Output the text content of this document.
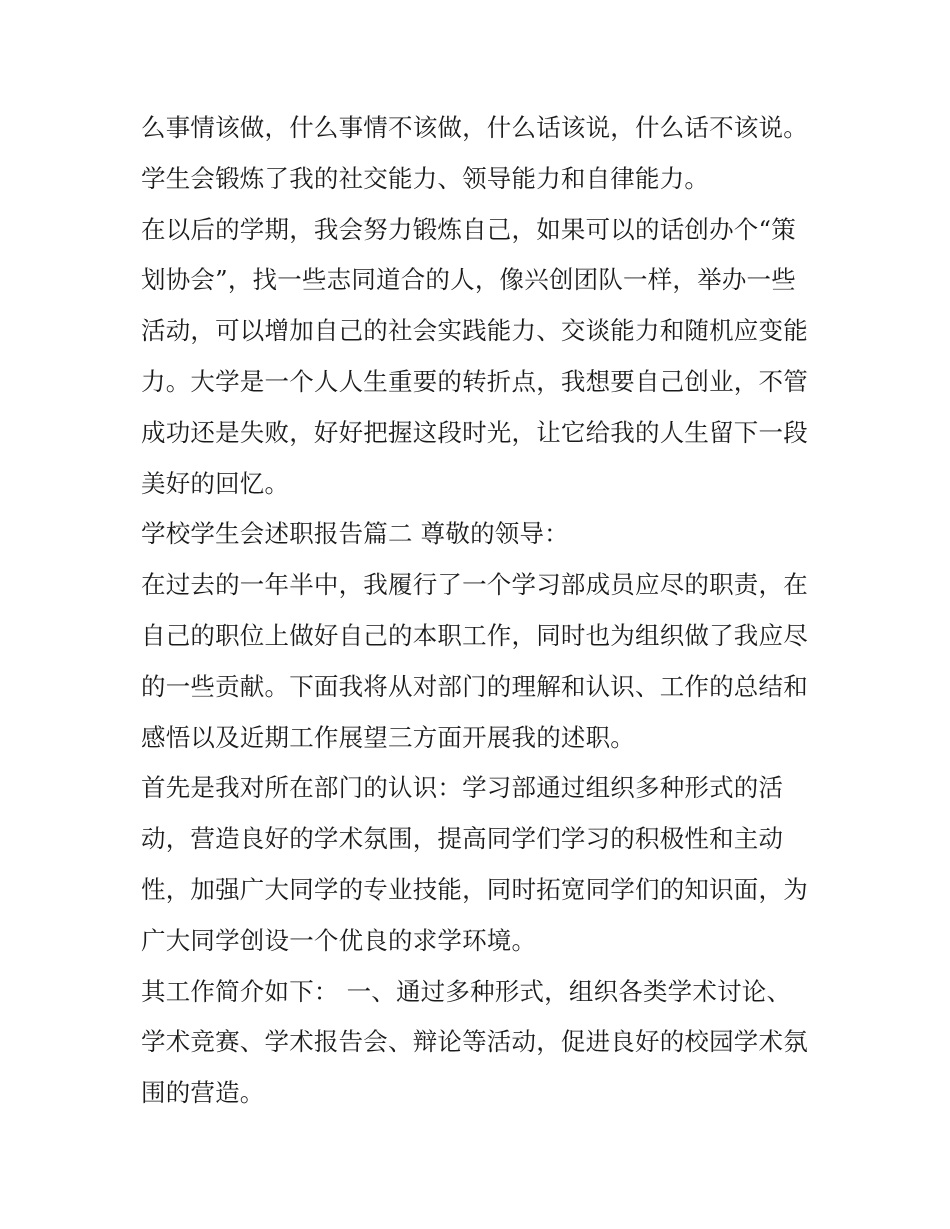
么事情该做，什么事情不该做，什么话该说，什么话不该说。
学生会锻炼了我的社交能力、领导能力和自律能力。
在以后的学期，我会努力锻炼自己，如果可以的话创办个“策
划协会”，找一些志同道合的人，像兴创团队一样，举办一些
活动，可以增加自己的社会实践能力、交谈能力和随机应变能
力。大学是一个人人生重要的转折点，我想要自己创业，不管
成功还是失败，好好把握这段时光，让它给我的人生留下一段
美好的回忆。
学校学生会述职报告篇二 尊敬的领导：
在过去的一年半中，我履行了一个学习部成员应尽的职责，在
自己的职位上做好自己的本职工作，同时也为组织做了我应尽
的一些贡献。下面我将从对部门的理解和认识、工作的总结和
感悟以及近期工作展望三方面开展我的述职。
首先是我对所在部门的认识：学习部通过组织多种形式的活
动，营造良好的学术氛围，提高同学们学习的积极性和主动
性，加强广大同学的专业技能，同时拓宽同学们的知识面，为
广大同学创设一个优良的求学环境。
其工作简介如下： 一、通过多种形式，组织各类学术讨论、
学术竞赛、学术报告会、辩论等活动，促进良好的校园学术氛
围的营造。
